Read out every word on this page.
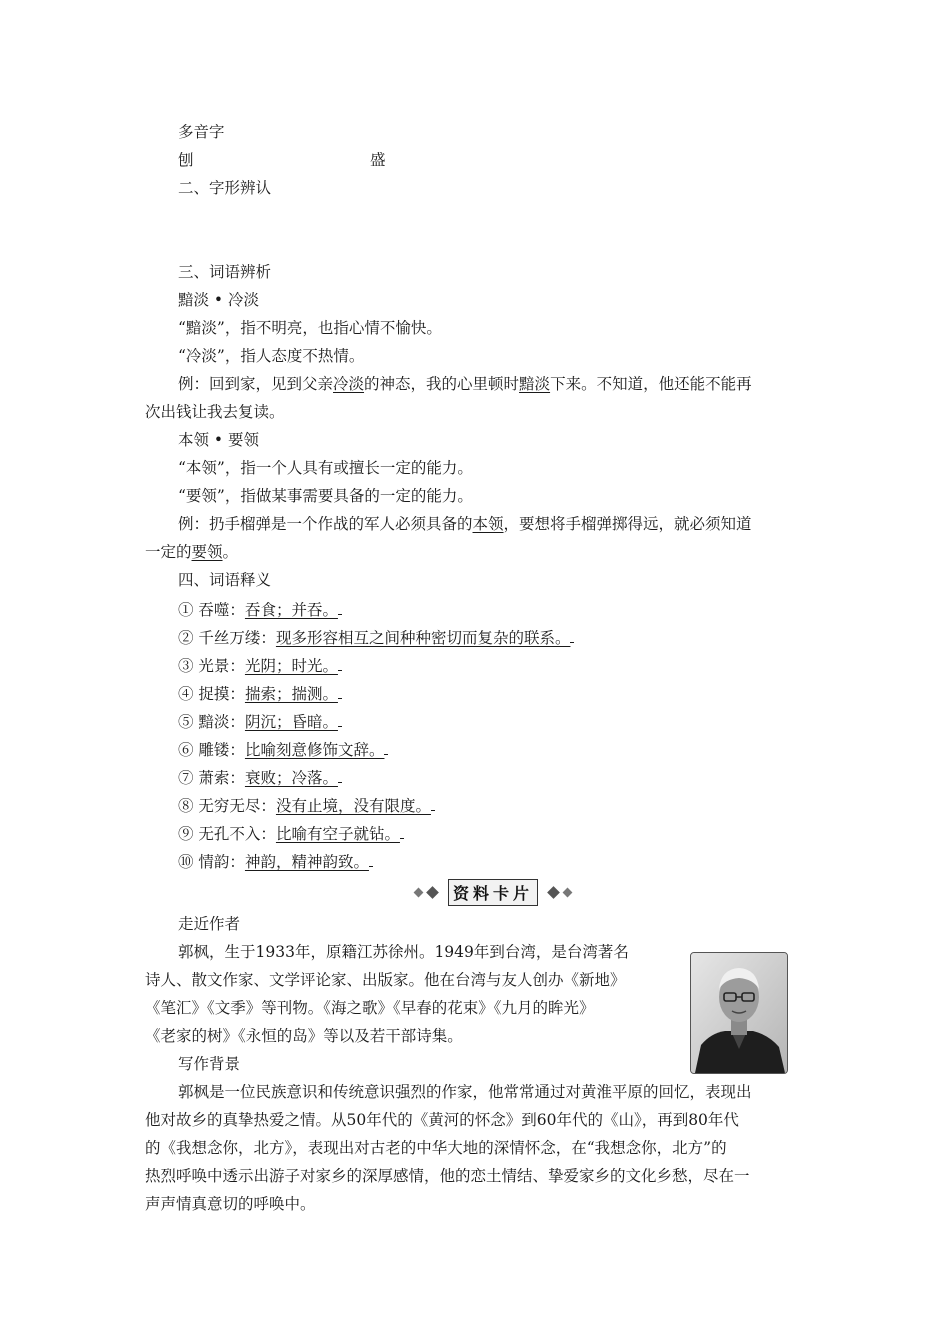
多音字
刨	盛
二、字形辨认
三、词语辨析
黯淡 • 冷淡
“黯淡”，指不明亮，也指心情不愉快。
“冷淡”，指人态度不热情。
例：回到家，见到父亲冷淡的神态，我的心里顿时黯淡下来。不知道，他还能不能再
次出钱让我去复读。
本领 • 要领
“本领”，指一个人具有或擅长一定的能力。
“要领”，指做某事需要具备的一定的能力。
例：扔手榴弹是一个作战的军人必须具备的本领，要想将手榴弹掷得远，就必须知道
一定的要领。
四、词语释义
① 吞噬：吞食；并吞。
② 千丝万缕：现多形容相互之间种种密切而复杂的联系。
③ 光景：光阴；时光。
④ 捉摸：揣索；揣测。
⑤ 黯淡：阴沉；昏暗。
⑥ 雕镂：比喻刻意修饰文辞。
⑦ 萧索：衰败；冷落。
⑧ 无穷无尽：没有止境，没有限度。
⑨ 无孔不入：比喻有空子就钻。
⑩ 情韵：神韵，精神韵致。
资料卡片
走近作者
郭枫，生于1933年，原籍江苏徐州。1949年到台湾，是台湾著名
诗人、散文作家、文学评论家、出版家。他在台湾与友人创办《新地》
《笔汇》《文季》等刊物。《海之歌》《早春的花束》《九月的眸光》
《老家的树》《永恒的岛》等以及若干部诗集。
写作背景
郭枫是一位民族意识和传统意识强烈的作家，他常常通过对黄淮平原的回忆，表现出
他对故乡的真挚热爱之情。从50年代的《黄河的怀念》到60年代的《山》，再到80年代
的《我想念你，北方》，表现出对古老的中华大地的深情怀念，在“我想念你，北方”的
热烈呼唤中透示出游子对家乡的深厚感情，他的恋土情结、挚爱家乡的文化乡愁，尽在一
声声情真意切的呼唤中。
